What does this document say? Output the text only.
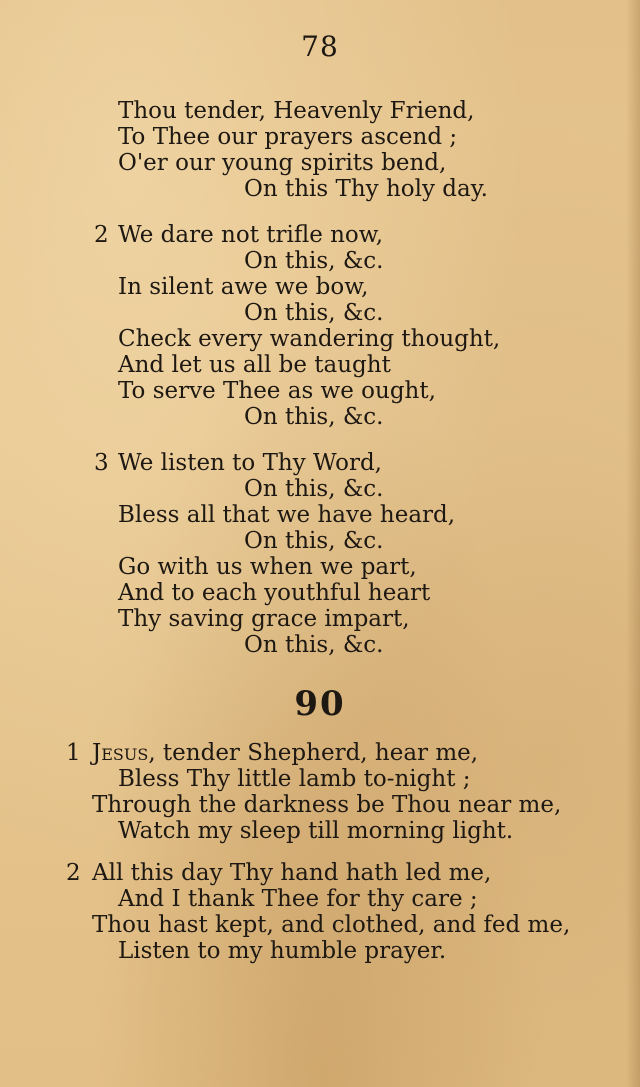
78
Thou tender, Heavenly Friend,
To Thee our prayers ascend ;
O'er our young spirits bend,
On this Thy holy day.
2 We dare not trifle now,
On this, &c.
In silent awe we bow,
On this, &c.
Check every wandering thought,
And let us all be taught
To serve Thee as we ought,
On this, &c.
3 We listen to Thy Word,
On this, &c.
Bless all that we have heard,
On this, &c.
Go with us when we part,
And to each youthful heart
Thy saving grace impart,
On this, &c.
90
1 Jesus, tender Shepherd, hear me,
Bless Thy little lamb to-night ;
Through the darkness be Thou near me,
Watch my sleep till morning light.
2 All this day Thy hand hath led me,
And I thank Thee for thy care ;
Thou hast kept, and clothed, and fed me,
Listen to my humble prayer.
